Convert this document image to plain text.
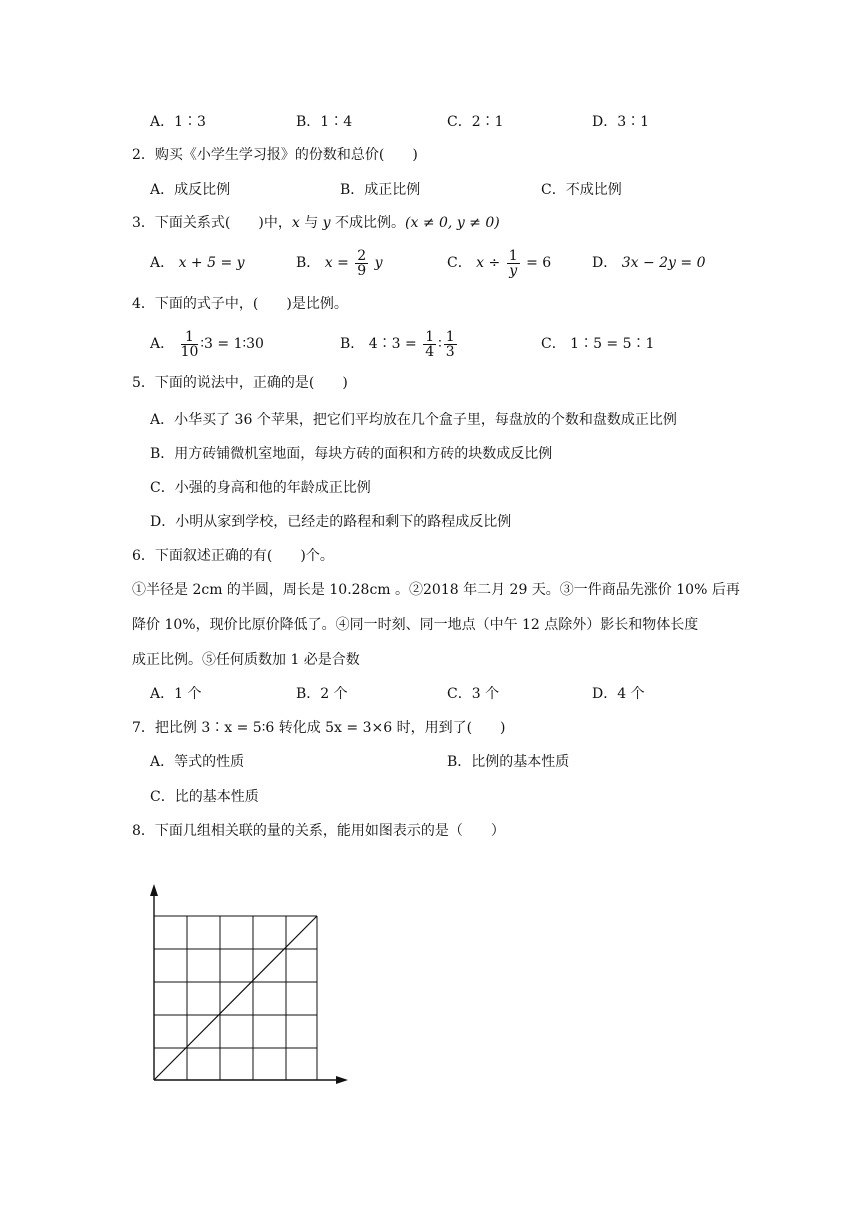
A．1∶3	B．1∶4	C．2∶1	D．3∶1
2．购买《小学生学习报》的份数和总价(　　)
A．成反比例	B．成正比例	C．不成比例
3．下面关系式(　　)中，x 与 y 不成比例。(x ≠ 0, y ≠ 0)
A． x + 5 = y	B． $x = \frac{2}{9}$ y	C． $x \div \frac{1}{y} = 6$	D． 3x − 2y = 0
4．下面的式子中，(　　)是比例。
A． $\frac{1}{10}$ ∶3 = 1∶30	B． 4∶3 = $\frac{1}{4}$ ∶ $\frac{1}{3}$	C． 1∶5 = 5∶1
5．下面的说法中，正确的是(　　)
A．小华买了 36 个苹果，把它们平均放在几个盒子里，每盘放的个数和盘数成正比例
B．用方砖铺微机室地面，每块方砖的面积和方砖的块数成反比例
C．小强的身高和他的年龄成正比例
D．小明从家到学校，已经走的路程和剩下的路程成反比例
6．下面叙述正确的有(　　)个。
①半径是 2cm 的半圆，周长是 10.28cm 。②2018 年二月 29 天。③一件商品先涨价 10% 后再
降价 10%，现价比原价降低了。④同一时刻、同一地点（中午 12 点除外）影长和物体长度
成正比例。⑤任何质数加 1 必是合数
A．1 个	B．2 个	C．3 个	D．4 个
7．把比例 3∶x = 5∶6 转化成 5x = 3×6 时，用到了(　　)
A．等式的性质	B．比例的基本性质
C．比的基本性质
8．下面几组相关联的量的关系，能用如图表示的是（　　）
